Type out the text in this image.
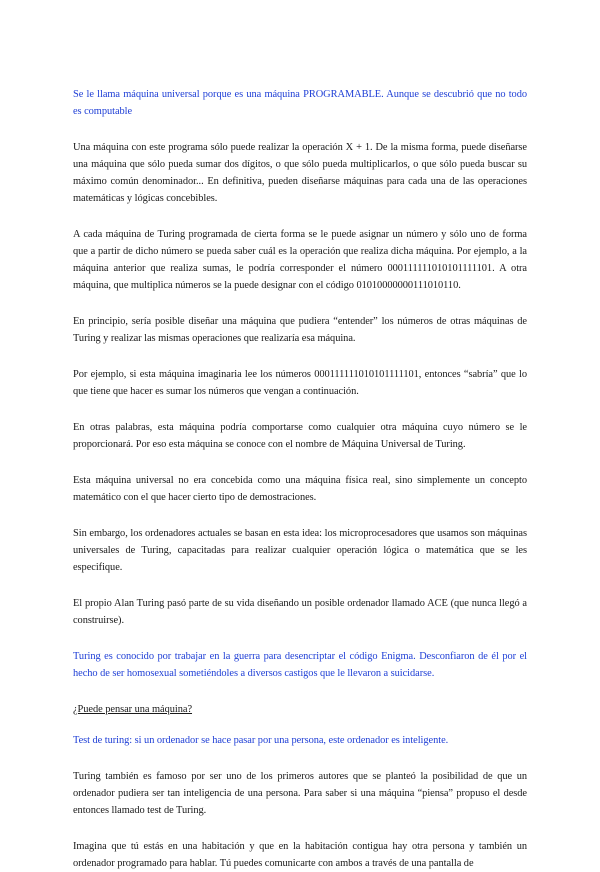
Se le llama máquina universal porque es una máquina PROGRAMABLE. Aunque se descubrió que no todo es computable

Una máquina con este programa sólo puede realizar la operación X + 1. De la misma forma, puede diseñarse una máquina que sólo pueda sumar dos dígitos, o que sólo pueda multiplicarlos, o que sólo pueda buscar su máximo común denominador... En definitiva, pueden diseñarse máquinas para cada una de las operaciones matemáticas y lógicas concebibles.

A cada máquina de Turing programada de cierta forma se le puede asignar un número y sólo uno de forma que a partir de dicho número se pueda saber cuál es la operación que realiza dicha máquina. Por ejemplo, a la máquina anterior que realiza sumas, le podría corresponder el número 000111111010101111101. A otra máquina, que multiplica números se la puede designar con el código 01010000000111010110.

En principio, sería posible diseñar una máquina que pudiera “entender” los números de otras máquinas de Turing y realizar las mismas operaciones que realizaría esa máquina.

Por ejemplo, si esta máquina imaginaria lee los números 000111111010101111101, entonces “sabría” que lo que tiene que hacer es sumar los números que vengan a continuación.

En otras palabras, esta máquina podría comportarse como cualquier otra máquina cuyo número se le proporcionará. Por eso esta máquina se conoce con el nombre de Máquina Universal de Turing.

Esta máquina universal no era concebida como una máquina física real, sino simplemente un concepto matemático con el que hacer cierto tipo de demostraciones.

Sin embargo, los ordenadores actuales se basan en esta idea: los microprocesadores que usamos son máquinas universales de Turing, capacitadas para realizar cualquier operación lógica o matemática que se les especifique.

El propio Alan Turing pasó parte de su vida diseñando un posible ordenador llamado ACE (que nunca llegó a construirse).

Turing es conocido por trabajar en la guerra para desencriptar el código Enigma. Desconfiaron de él por el hecho de ser homosexual sometiéndoles a diversos castigos que le llevaron a suicidarse.

¿Puede pensar una máquina?

Test de turing: si un ordenador se hace pasar por una persona, este ordenador es inteligente.

Turing también es famoso por ser uno de los primeros autores que se planteó la posibilidad de que un ordenador pudiera ser tan inteligencia de una persona. Para saber si una máquina “piensa” propuso el desde entonces llamado test de Turing.

Imagina que tú estás en una habitación y que en la habitación contigua hay otra persona y también un ordenador programado para hablar. Tú puedes comunicarte con ambos a través de una pantalla de
